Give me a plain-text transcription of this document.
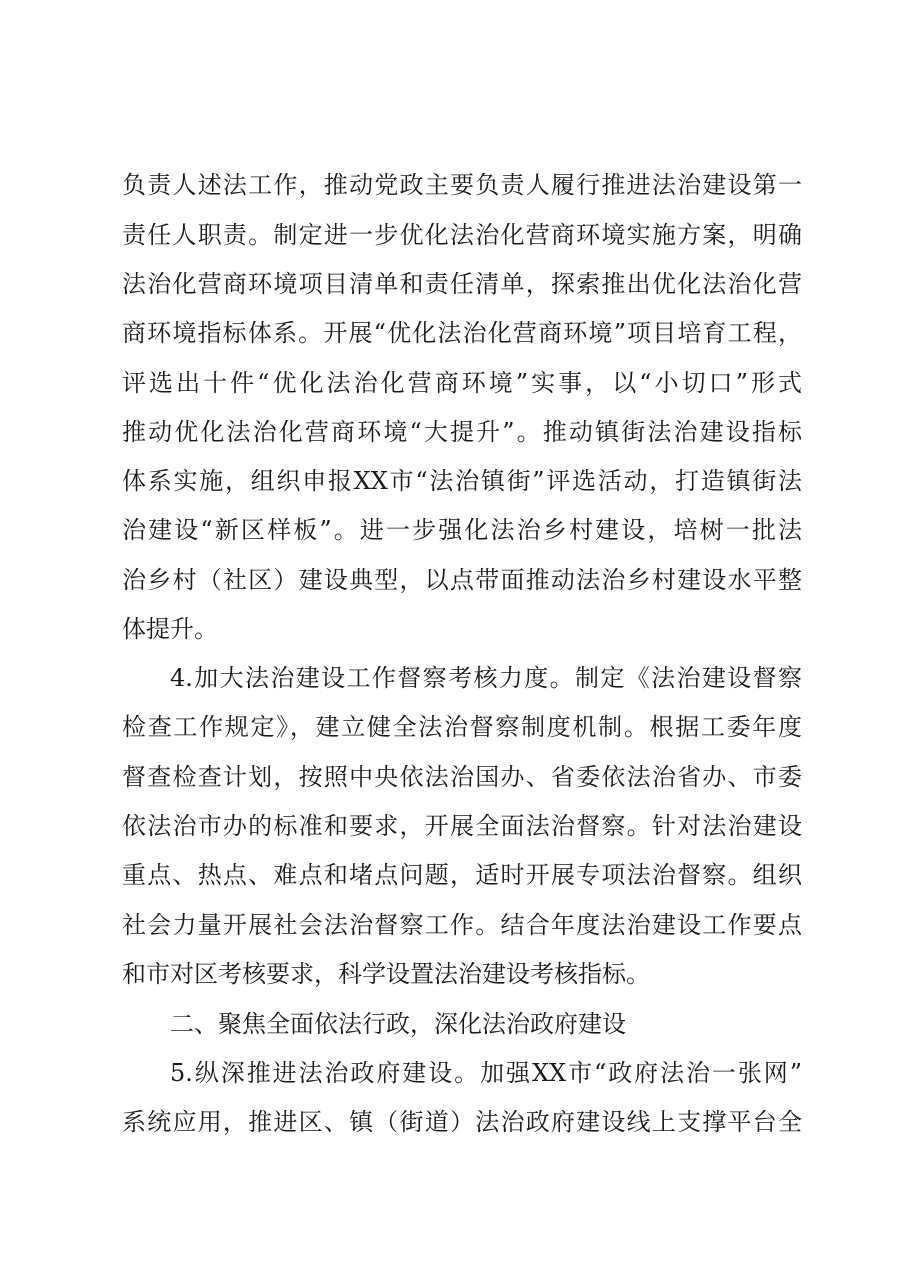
负责人述法工作，推动党政主要负责人履行推进法治建设第一
责任人职责。制定进一步优化法治化营商环境实施方案，明确
法治化营商环境项目清单和责任清单，探索推出优化法治化营
商环境指标体系。开展“优化法治化营商环境”项目培育工程，
评选出十件“优化法治化营商环境”实事，以“小切口”形式
推动优化法治化营商环境“大提升”。推动镇街法治建设指标
体系实施，组织申报XX市“法治镇街”评选活动，打造镇街法
治建设“新区样板”。进一步强化法治乡村建设，培树一批法
治乡村（社区）建设典型，以点带面推动法治乡村建设水平整
体提升。
4.加大法治建设工作督察考核力度。制定《法治建设督察
检查工作规定》，建立健全法治督察制度机制。根据工委年度
督查检查计划，按照中央依法治国办、省委依法治省办、市委
依法治市办的标准和要求，开展全面法治督察。针对法治建设
重点、热点、难点和堵点问题，适时开展专项法治督察。组织
社会力量开展社会法治督察工作。结合年度法治建设工作要点
和市对区考核要求，科学设置法治建设考核指标。
二、聚焦全面依法行政，深化法治政府建设
5.纵深推进法治政府建设。加强XX市“政府法治一张网”
系统应用，推进区、镇（街道）法治政府建设线上支撑平台全
